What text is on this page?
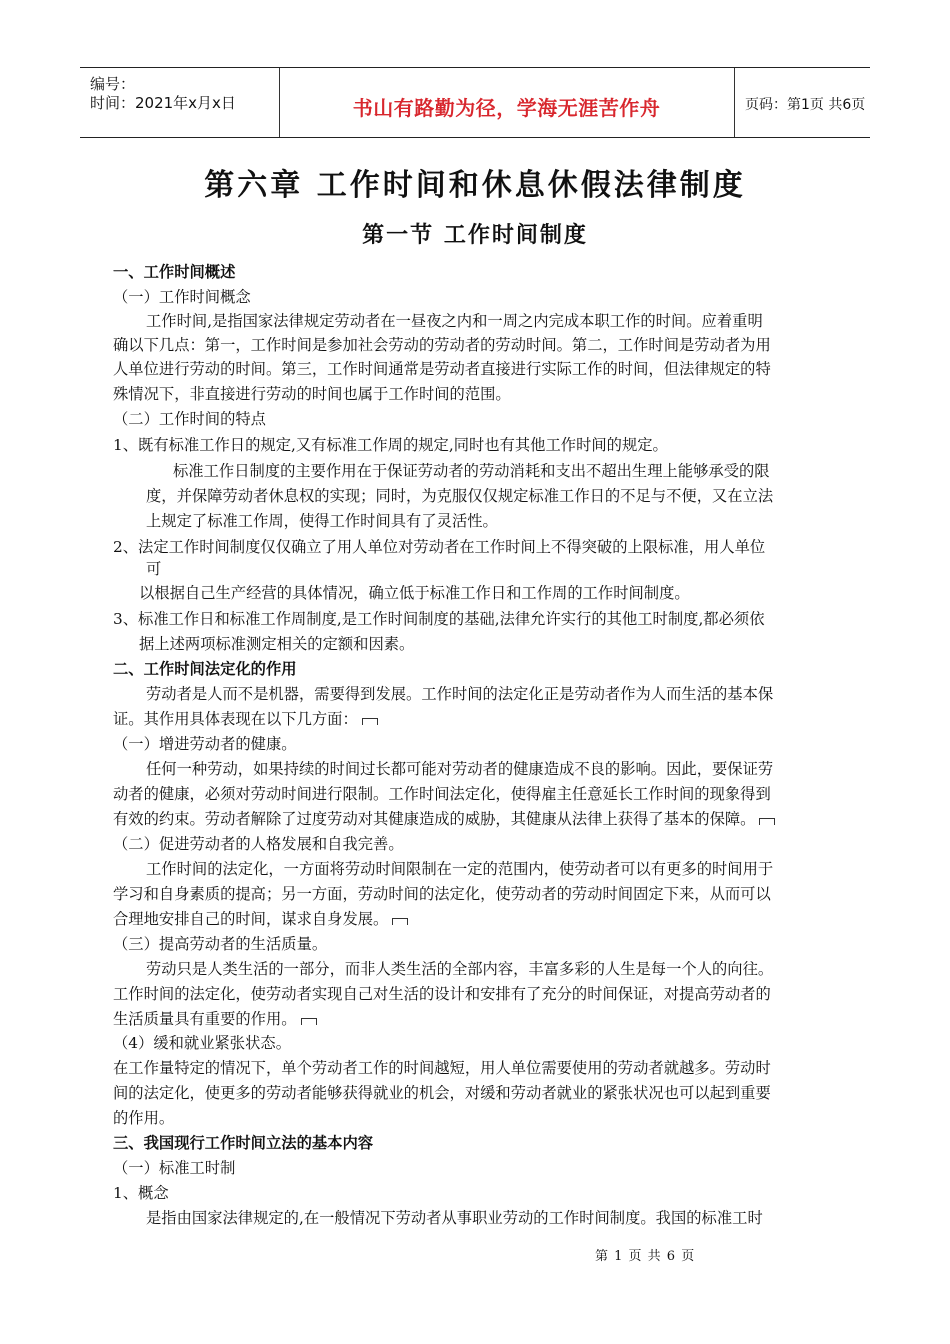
编号：
时间：2021年x月x日	书山有路勤为径，学海无涯苦作舟	页码：第1页 共6页
第六章 工作时间和休息休假法律制度
第一节 工作时间制度
一、工作时间概述
（一）工作时间概念
工作时间,是指国家法律规定劳动者在一昼夜之内和一周之内完成本职工作的时间。应着重明
确以下几点：第一，工作时间是参加社会劳动的劳动者的劳动时间。第二，工作时间是劳动者为用
人单位进行劳动的时间。第三，工作时间通常是劳动者直接进行实际工作的时间，但法律规定的特
殊情况下，非直接进行劳动的时间也属于工作时间的范围。
（二）工作时间的特点
1、既有标准工作日的规定,又有标准工作周的规定,同时也有其他工作时间的规定。
标准工作日制度的主要作用在于保证劳动者的劳动消耗和支出不超出生理上能够承受的限
度，并保障劳动者休息权的实现；同时，为克服仅仅规定标准工作日的不足与不便，又在立法
上规定了标准工作周，使得工作时间具有了灵活性。
2、法定工作时间制度仅仅确立了用人单位对劳动者在工作时间上不得突破的上限标准，用人单位
可
以根据自己生产经营的具体情况，确立低于标准工作日和工作周的工作时间制度。
3、标准工作日和标准工作周制度,是工作时间制度的基础,法律允许实行的其他工时制度,都必须依
据上述两项标准测定相关的定额和因素。
二、工作时间法定化的作用
劳动者是人而不是机器，需要得到发展。工作时间的法定化正是劳动者作为人而生活的基本保
证。其作用具体表现在以下几方面：
（一）增进劳动者的健康。
任何一种劳动，如果持续的时间过长都可能对劳动者的健康造成不良的影响。因此，要保证劳
动者的健康，必须对劳动时间进行限制。工作时间法定化，使得雇主任意延长工作时间的现象得到
有效的约束。劳动者解除了过度劳动对其健康造成的威胁，其健康从法律上获得了基本的保障。
（二）促进劳动者的人格发展和自我完善。
工作时间的法定化，一方面将劳动时间限制在一定的范围内，使劳动者可以有更多的时间用于
学习和自身素质的提高；另一方面，劳动时间的法定化，使劳动者的劳动时间固定下来，从而可以
合理地安排自己的时间，谋求自身发展。
（三）提高劳动者的生活质量。
劳动只是人类生活的一部分，而非人类生活的全部内容，丰富多彩的人生是每一个人的向往。
工作时间的法定化，使劳动者实现自己对生活的设计和安排有了充分的时间保证，对提高劳动者的
生活质量具有重要的作用。
（4）缓和就业紧张状态。
在工作量特定的情况下，单个劳动者工作的时间越短，用人单位需要使用的劳动者就越多。劳动时
间的法定化，使更多的劳动者能够获得就业的机会，对缓和劳动者就业的紧张状况也可以起到重要
的作用。
三、我国现行工作时间立法的基本内容
（一）标准工时制
1、概念
是指由国家法律规定的,在一般情况下劳动者从事职业劳动的工作时间制度。我国的标准工时
第 1 页 共 6 页
